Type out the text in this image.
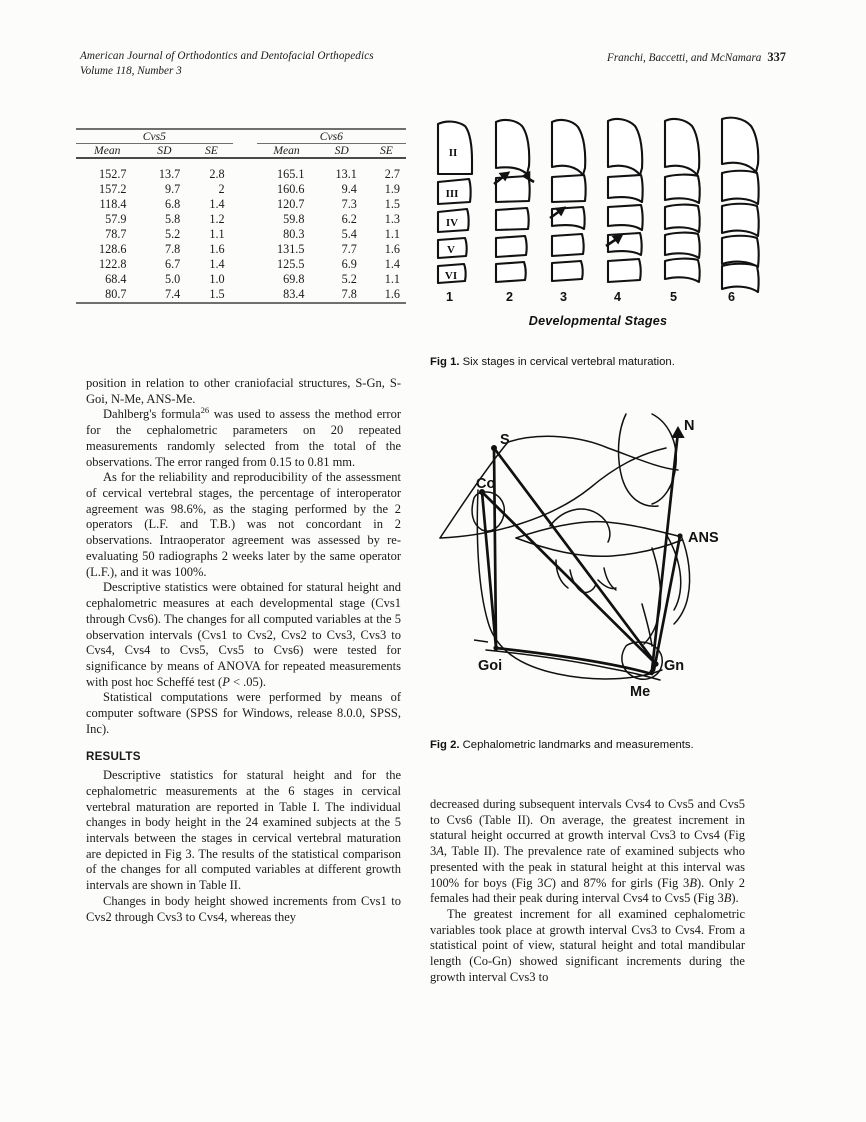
American Journal of Orthodontics and Dentofacial Orthopedics
Volume 118, Number 3
Franchi, Baccetti, and McNamara 337
Cvs5				Cvs6		

Mean	SD	SE		Mean	SD	SE

152.7	13.7	2.8		165.1	13.1	2.7
157.2	9.7	2		160.6	9.4	1.9
118.4	6.8	1.4		120.7	7.3	1.5
57.9	5.8	1.2		59.8	6.2	1.3
78.7	5.2	1.1		80.3	5.4	1.1
128.6	7.8	1.6		131.5	7.7	1.6
122.8	6.7	1.4		125.5	6.9	1.4
68.4	5.0	1.0		69.8	5.2	1.1
80.7	7.4	1.5		83.4	7.8	1.6

II
III
IV
V
VI
1	2	3	4	5	6
Developmental Stages
Fig 1. Six stages in cervical vertebral maturation.
S
N
Co
ANS
Goi	Gn
Me
Fig 2. Cephalometric landmarks and measurements.

position in relation to other craniofacial structures, S-Gn, S-Goi, N-Me, ANS-Me.

Dahlberg's formula$^{26}$ was used to assess the method error for the cephalometric parameters on 20 repeated measurements randomly selected from the total of the observations. The error ranged from 0.15 to 0.81 mm.

As for the reliability and reproducibility of the assessment of cervical vertebral stages, the percentage of interoperator agreement was 98.6%, as the staging performed by the 2 operators (L.F. and T.B.) was not concordant in 2 observations. Intraoperator agreement was assessed by re-evaluating 50 radiographs 2 weeks later by the same operator (L.F.), and it was 100%.

Descriptive statistics were obtained for statural height and cephalometric measures at each developmental stage (Cvs1 through Cvs6). The changes for all computed variables at the 5 observation intervals (Cvs1 to Cvs2, Cvs2 to Cvs3, Cvs3 to Cvs4, Cvs4 to Cvs5, Cvs5 to Cvs6) were tested for significance by means of ANOVA for repeated measurements with post hoc Scheffé test (P < .05).

Statistical computations were performed by means of computer software (SPSS for Windows, release 8.0.0, SPSS, Inc).

RESULTS

Descriptive statistics for statural height and for the cephalometric measurements at the 6 stages in cervical vertebral maturation are reported in Table I. The individual changes in body height in the 24 examined subjects at the 5 intervals between the stages in cervical vertebral maturation are depicted in Fig 3. The results of the statistical comparison of the changes for all computed variables at different growth intervals are shown in Table II.

Changes in body height showed increments from Cvs1 to Cvs2 through Cvs3 to Cvs4, whereas they

decreased during subsequent intervals Cvs4 to Cvs5 and Cvs5 to Cvs6 (Table II). On average, the greatest increment in statural height occurred at growth interval Cvs3 to Cvs4 (Fig 3A, Table II). The prevalence rate of examined subjects who presented with the peak in statural height at this interval was 100% for boys (Fig 3C) and 87% for girls (Fig 3B). Only 2 females had their peak during interval Cvs4 to Cvs5 (Fig 3B).

The greatest increment for all examined cephalometric variables took place at growth interval Cvs3 to Cvs4. From a statistical point of view, statural height and total mandibular length (Co-Gn) showed significant increments during the growth interval Cvs3 to
